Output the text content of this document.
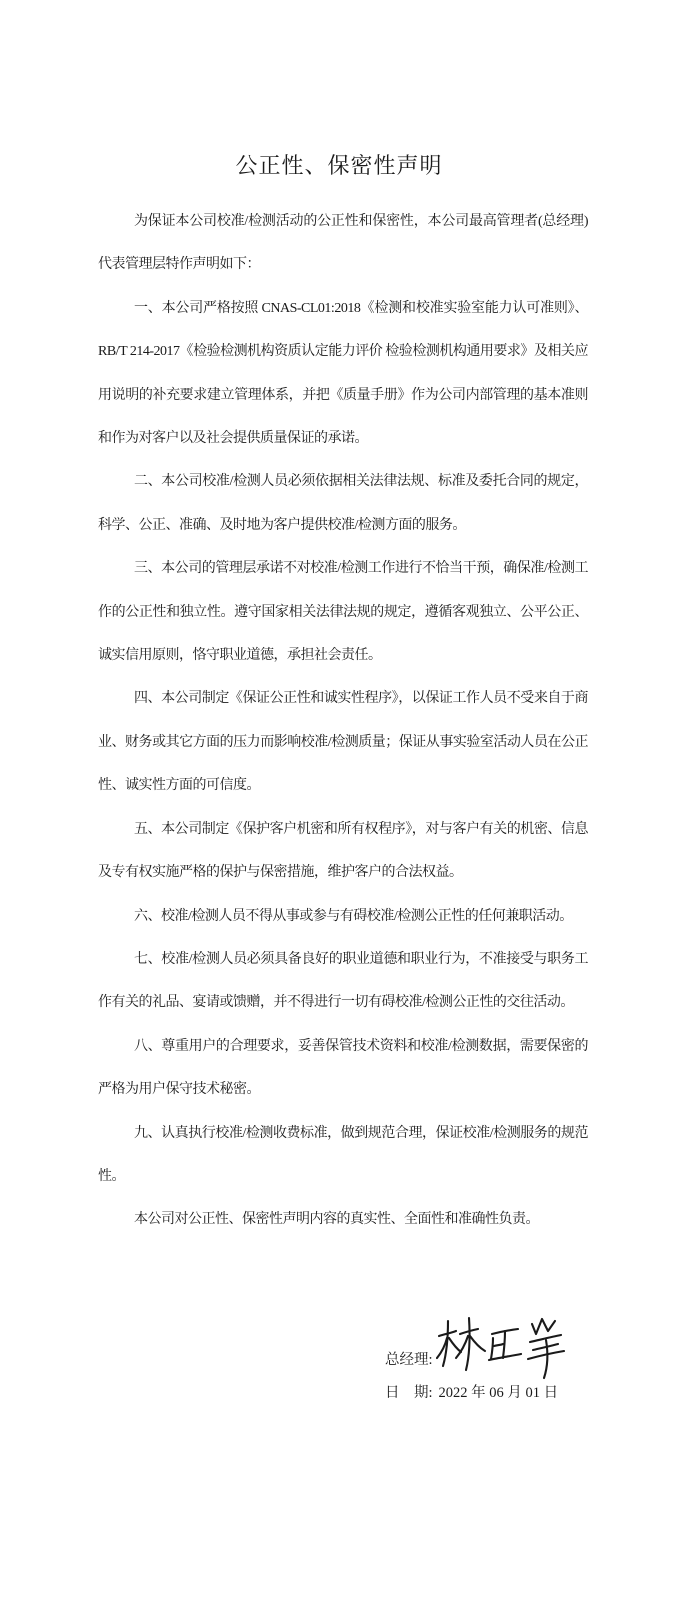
公正性、保密性声明

为保证本公司校准/检测活动的公正性和保密性，本公司最高管理者(总经理)代表管理层特作声明如下：

一、本公司严格按照 CNAS-CL01:2018《检测和校准实验室能力认可准则》、RB/T 214-2017《检验检测机构资质认定能力评价 检验检测机构通用要求》及相关应用说明的补充要求建立管理体系，并把《质量手册》作为公司内部管理的基本准则和作为对客户以及社会提供质量保证的承诺。

二、本公司校准/检测人员必须依据相关法律法规、标准及委托合同的规定，科学、公正、准确、及时地为客户提供校准/检测方面的服务。

三、本公司的管理层承诺不对校准/检测工作进行不恰当干预，确保准/检测工作的公正性和独立性。遵守国家相关法律法规的规定，遵循客观独立、公平公正、诚实信用原则，恪守职业道德，承担社会责任。

四、本公司制定《保证公正性和诚实性程序》，以保证工作人员不受来自于商业、财务或其它方面的压力而影响校准/检测质量；保证从事实验室活动人员在公正性、诚实性方面的可信度。

五、本公司制定《保护客户机密和所有权程序》，对与客户有关的机密、信息及专有权实施严格的保护与保密措施，维护客户的合法权益。

六、校准/检测人员不得从事或参与有碍校准/检测公正性的任何兼职活动。

七、校准/检测人员必须具备良好的职业道德和职业行为，不准接受与职务工作有关的礼品、宴请或馈赠，并不得进行一切有碍校准/检测公正性的交往活动。

八、尊重用户的合理要求，妥善保管技术资料和校准/检测数据，需要保密的严格为用户保守技术秘密。

九、认真执行校准/检测收费标准，做到规范合理，保证校准/检测服务的规范性。

本公司对公正性、保密性声明内容的真实性、全面性和准确性负责。

总经理:
日　期: 2022 年 06 月 01 日
